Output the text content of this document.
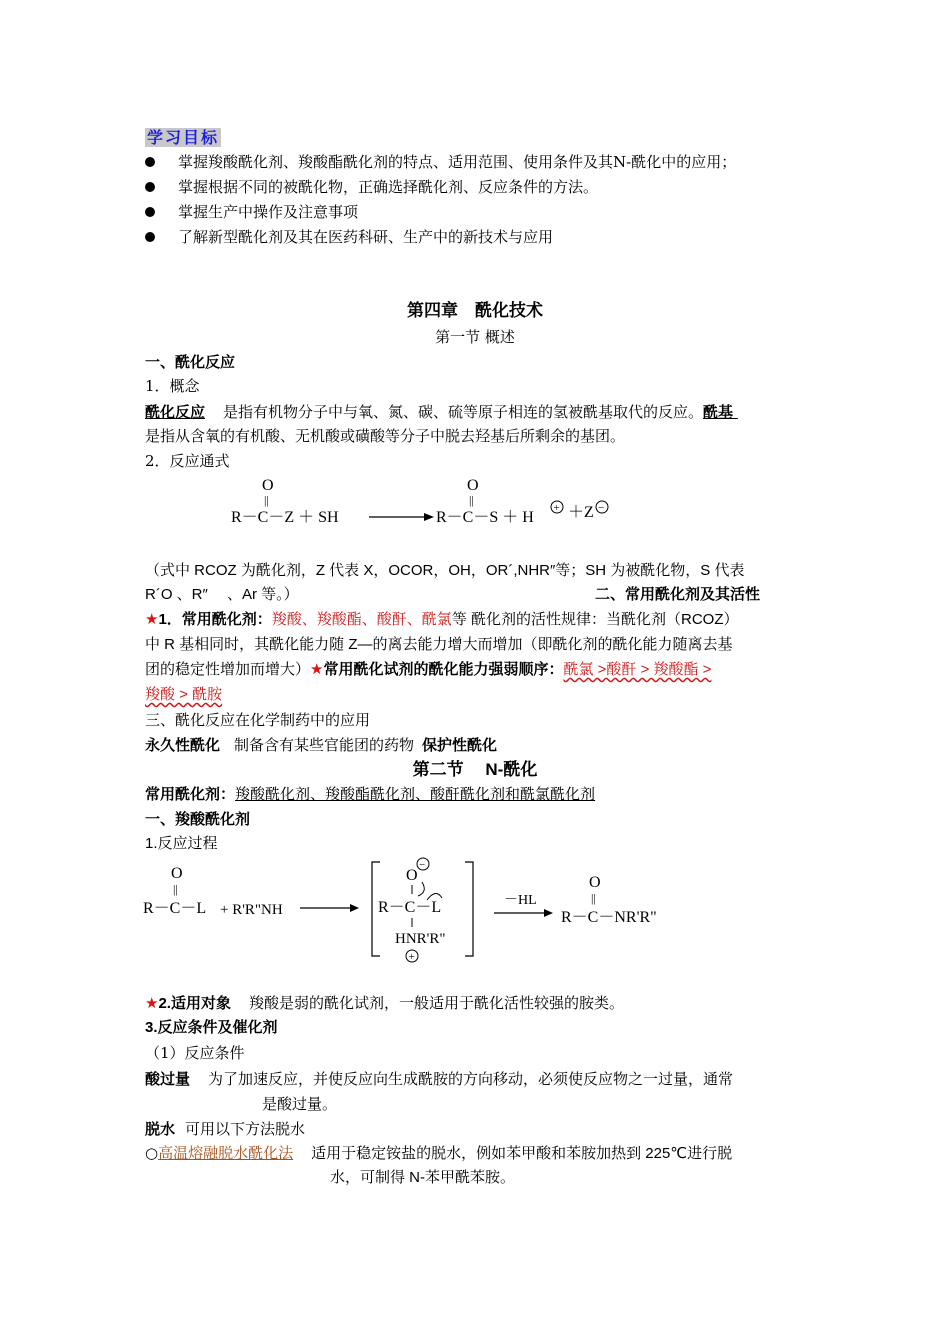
学习目标
掌握羧酸酰化剂、羧酸酯酰化剂的特点、适用范围、使用条件及其N-酰化中的应用；
掌握根据不同的被酰化物，正确选择酰化剂、反应条件的方法。
掌握生产中操作及注意事项
了解新型酰化剂及其在医药科研、生产中的新技术与应用
第四章　酰化技术
第一节 概述
一、酰化反应
1．概念
酰化反应 是指有机物分子中与氧、氮、碳、硫等原子相连的氢被酰基取代的反应。酰基
是指从含氧的有机酸、无机酸或磺酸等分子中脱去羟基后所剩余的基团。
2．反应通式
O
||
R－C－Z ＋ SH
O
||
R－C－S ＋ H
+ ＋Z −
（式中 RCOZ 为酰化剂，Z 代表 X，OCOR，OH，OR´,NHR″等；SH 为被酰化物，S 代表
R´O 、R″　 、Ar 等。）	二、常用酰化剂及其活性
★1．常用酰化剂：羧酸、羧酸酯、酸酐、酰氯等 酰化剂的活性规律：当酰化剂（RCOZ）
中 R 基相同时，其酰化能力随 Z—的离去能力增大而增加（即酰化剂的酰化能力随离去基
团的稳定性增加而增大）★常用酰化试剂的酰化能力强弱顺序：酰氯 >酸酐 > 羧酸酯 >
羧酸 > 酰胺
三、酰化反应在化学制药中的应用
永久性酰化 制备含有某些官能团的药物 保护性酰化
第二节　 N-酰化
常用酰化剂：羧酸酰化剂、羧酸酯酰化剂、酸酐酰化剂和酰氯酰化剂
一、羧酸酰化剂
1.反应过程
O
||
R－C－L + R'R"NH
−
O
R－C－L
HNR'R"
+
－HL
O
||
R－C－NR'R"
★2.适用对象 羧酸是弱的酰化试剂，一般适用于酰化活性较强的胺类。
3.反应条件及催化剂
（1）反应条件
酸过量 为了加速反应，并使反应向生成酰胺的方向移动，必须使反应物之一过量，通常
是酸过量。
脱水 可用以下方法脱水
○高温熔融脱水酰化法 适用于稳定铵盐的脱水，例如苯甲酸和苯胺加热到 225℃进行脱
水，可制得 N-苯甲酰苯胺。
